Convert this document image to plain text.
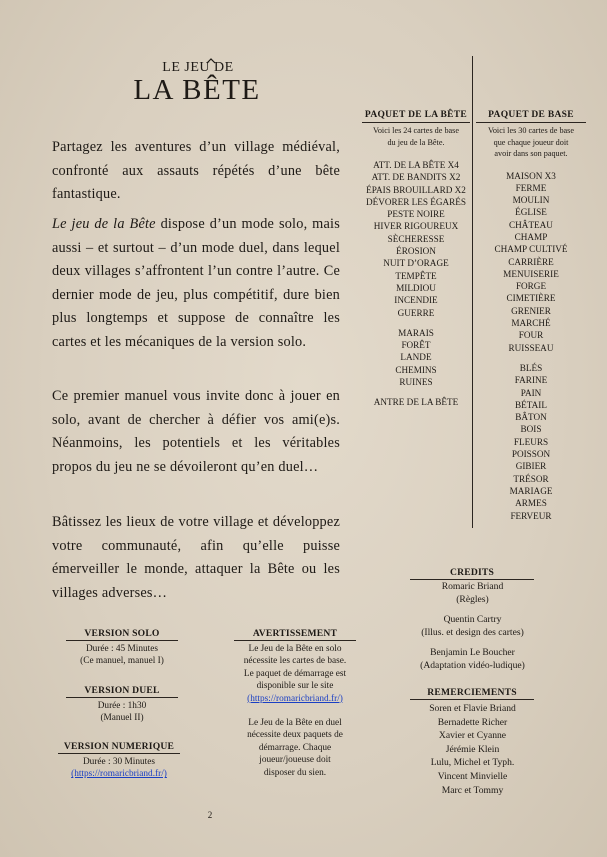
LE JEU DE
LA BÊTE

Partagez les aventures d’un village médiéval, confronté aux assauts répétés d’une bête fantastique.

Le jeu de la Bête dispose d’un mode solo, mais aussi – et surtout – d’un mode duel, dans lequel deux villages s’affrontent l’un contre l’autre. Ce dernier mode de jeu, plus compétitif, dure bien plus longtemps et suppose de connaître les cartes et les mécaniques de la version solo.

Ce premier manuel vous invite donc à jouer en solo, avant de chercher à défier vos ami(e)s. Néanmoins, les potentiels et les véritables propos du jeu ne se dévoileront qu’en duel…

Bâtissez les lieux de votre village et développez votre communauté, afin qu’elle puisse émerveiller le monde, attaquer la Bête ou les villages adverses…

PAQUET DE LA BÊTE
Voici les 24 cartes de base
du jeu de la Bête.
ATT. DE LA BÊTE X4
ATT. DE BANDITS X2
ÉPAIS BROUILLARD X2
DÉVORER LES ÉGARÉS
PESTE NOIRE
HIVER RIGOUREUX
SÈCHERESSE
ÉROSION
NUIT D’ORAGE
TEMPÊTE
MILDIOU
INCENDIE
GUERRE
MARAIS
FORÊT
LANDE
CHEMINS
RUINES
ANTRE DE LA BÊTE
PAQUET DE BASE
Voici les 30 cartes de base
que chaque joueur doit
avoir dans son paquet.
MAISON X3
FERME
MOULIN
ÉGLISE
CHÂTEAU
CHAMP
CHAMP CULTIVÉ
CARRIÈRE
MENUISERIE
FORGE
CIMETIÈRE
GRENIER
MARCHÉ
FOUR
RUISSEAU
BLÉS
FARINE
PAIN
BÉTAIL
BÂTON
BOIS
FLEURS
POISSON
GIBIER
TRÉSOR
MARIAGE
ARMES
FERVEUR
VERSION SOLO
Durée : 45 Minutes
(Ce manuel, manuel I)
VERSION DUEL
Durée : 1h30
(Manuel II)
VERSION NUMERIQUE
Durée : 30 Minutes
(https://romaricbriand.fr/)
AVERTISSEMENT
Le Jeu de la Bête en solo
nécessite les cartes de base.
Le paquet de démarrage est
disponible sur le site
(https://romaricbriand.fr/)
Le Jeu de la Bête en duel
nécessite deux paquets de
démarrage. Chaque
joueur/joueuse doit
disposer du sien.
CREDITS
Romaric Briand
(Règles)
Quentin Cartry
(Illus. et design des cartes)
Benjamin Le Boucher
(Adaptation vidéo-ludique)
REMERCIEMENTS
Soren et Flavie Briand
Bernadette Richer
Xavier et Cyanne
Jérémie Klein
Lulu, Michel et Typh.
Vincent Minvielle
Marc et Tommy
2
